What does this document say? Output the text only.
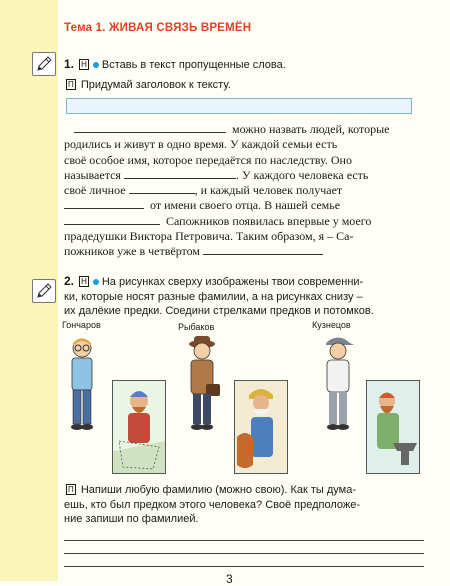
Тема 1. ЖИВАЯ СВЯЗЬ ВРЕМЁН
1. Н Вставь в текст пропущенные слова.
П Придумай заголовок к тексту.
можно назвать людей, которые
родились и живут в одно время. У каждой семьи есть
своё особое имя, которое передаётся по наследству. Оно
называется	. У каждого человека есть
своё личное	, и каждый человек получает
от имени своего отца. В нашей семье
Сапожников появилась впервые у моего
прадедушки Виктора Петровича. Таким образом, я – Са-
пожников уже в четвёртом
2. Н На рисунках сверху изображены твои современни-
ки, которые носят разные фамилии, а на рисунках снизу –
их далёкие предки. Соедини стрелками предков и потомков.
Гончаров	Рыбаков	Кузнецов
П Напиши любую фамилию (можно свою). Как ты дума-
ешь, кто был предком этого человека? Своё предположе-
ние запиши по фамилией.
3
